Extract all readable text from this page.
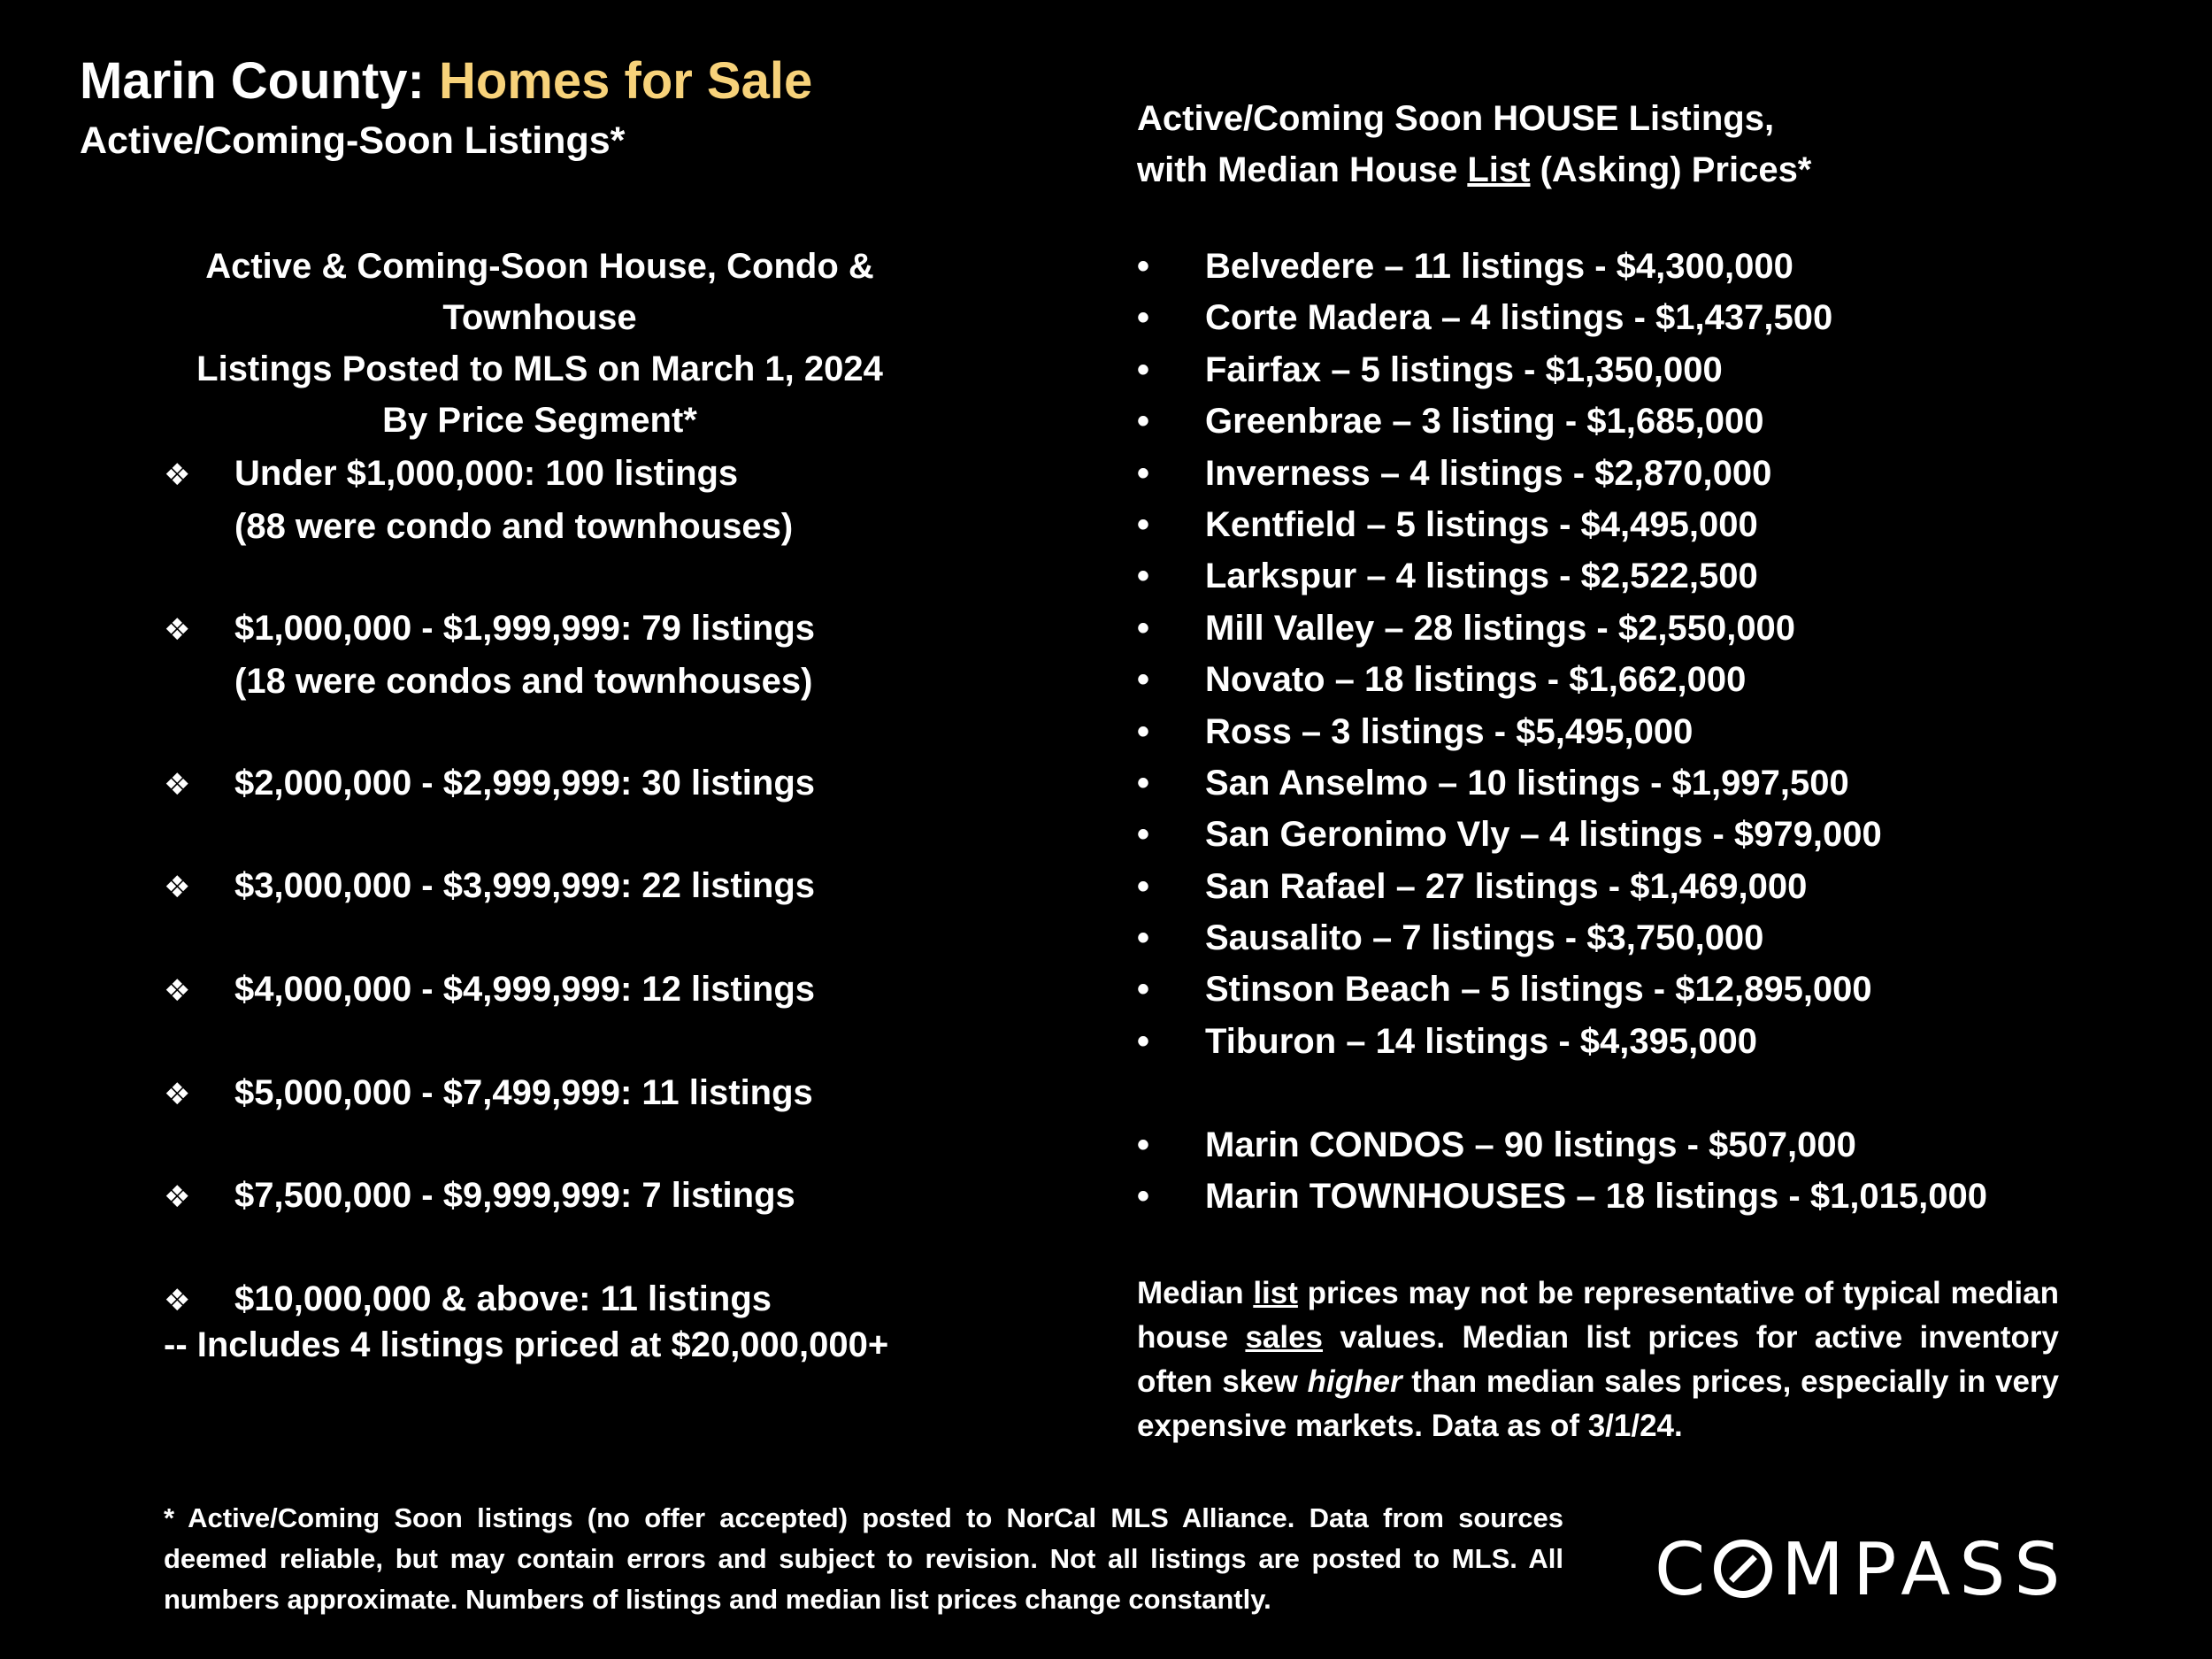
Marin County: Homes for Sale
Active/Coming-Soon Listings*
Active & Coming-Soon House, Condo & Townhouse
Listings Posted to MLS on March 1, 2024
By Price Segment*
❖ Under $1,000,000: 100 listings
(88 were condo and townhouses)
❖ $1,000,000 - $1,999,999: 79 listings
(18 were condos and townhouses)
❖ $2,000,000 - $2,999,999: 30 listings
❖ $3,000,000 - $3,999,999: 22 listings
❖ $4,000,000 - $4,999,999: 12 listings
❖ $5,000,000 - $7,499,999: 11 listings
❖ $7,500,000 - $9,999,999: 7 listings
❖ $10,000,000 & above: 11 listings
-- Includes 4 listings priced at $20,000,000+
Active/Coming Soon HOUSE Listings,
with Median House List (Asking) Prices*
• Belvedere – 11 listings - $4,300,000
• Corte Madera – 4 listings - $1,437,500
• Fairfax – 5 listings - $1,350,000
• Greenbrae – 3 listing - $1,685,000
• Inverness – 4 listings - $2,870,000
• Kentfield – 5 listings - $4,495,000
• Larkspur – 4 listings - $2,522,500
• Mill Valley – 28 listings - $2,550,000
• Novato – 18 listings - $1,662,000
• Ross – 3 listings - $5,495,000
• San Anselmo – 10 listings - $1,997,500
• San Geronimo Vly – 4 listings - $979,000
• San Rafael – 27 listings - $1,469,000
• Sausalito – 7 listings - $3,750,000
• Stinson Beach – 5 listings - $12,895,000
• Tiburon – 14 listings - $4,395,000
• Marin CONDOS – 90 listings - $507,000
• Marin TOWNHOUSES – 18 listings - $1,015,000
Median list prices may not be representative of typical median house sales values. Median list prices for active inventory often skew higher than median sales prices, especially in very expensive markets. Data as of 3/1/24.
* Active/Coming Soon listings (no offer accepted) posted to NorCal MLS Alliance. Data from sources deemed reliable, but may contain errors and subject to revision. Not all listings are posted to MLS. All numbers approximate. Numbers of listings and median list prices change constantly.	C MPASS
